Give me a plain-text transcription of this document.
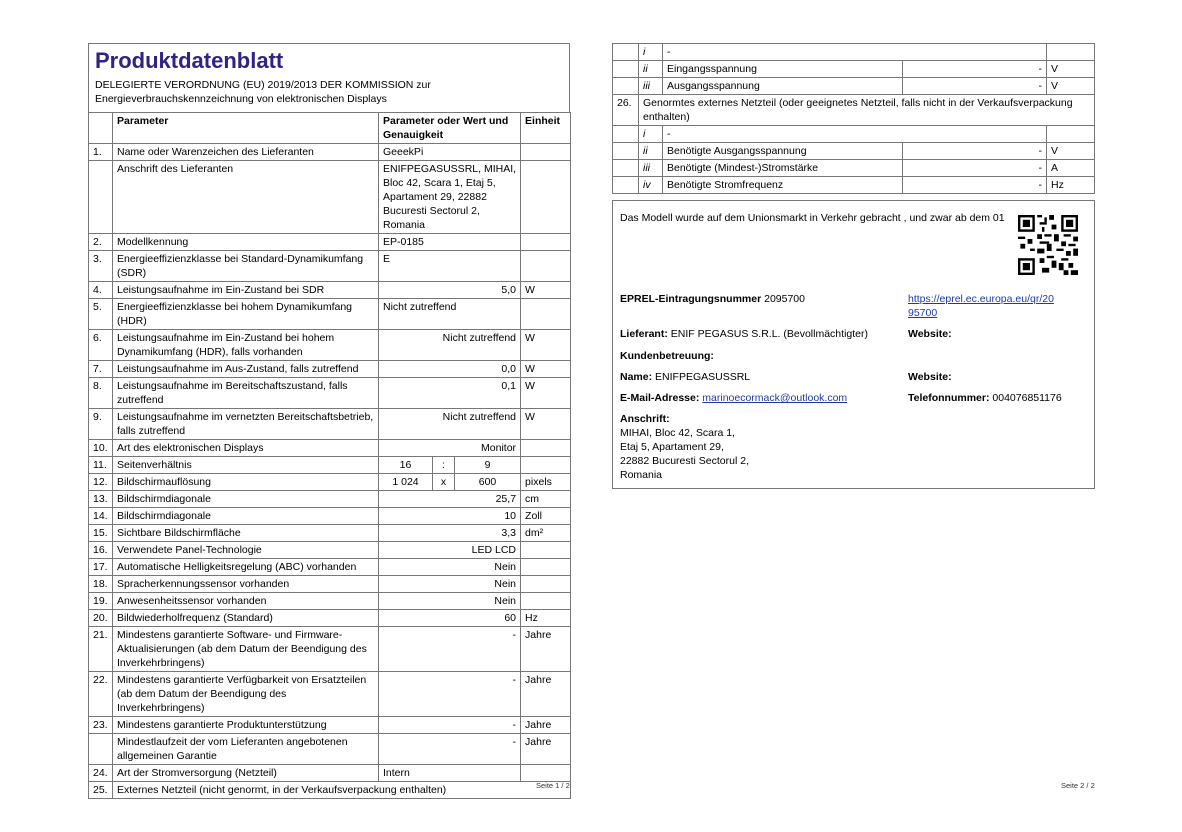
Produktdatenblatt
DELEGIERTE VERORDNUNG (EU) 2019/2013 DER KOMMISSION zur
Energieverbrauchskennzeichnung von elektronischen Displays
	Parameter	Parameter oder Wert und Genauigkeit			Einheit
1.	Name oder Warenzeichen des Lieferanten	GeeekPi			
	Anschrift des Lieferanten	ENIFPEGASUSSRL, MIHAI, Bloc 42, Scara 1, Etaj 5, Apartament 29, 22882 Bucuresti Sectorul 2, Romania			
2.	Modellkennung	EP-0185			
3.	Energieeffizienzklasse bei Standard-Dynamikumfang (SDR)	E			
4.	Leistungsaufnahme im Ein-Zustand bei SDR	5,0			W
5.	Energieeffizienzklasse bei hohem Dynamikumfang (HDR)	Nicht zutreffend			
6.	Leistungsaufnahme im Ein-Zustand bei hohem Dynamikumfang (HDR), falls vorhanden	Nicht zutreffend			W
7.	Leistungsaufnahme im Aus-Zustand, falls zutreffend	0,0			W
8.	Leistungsaufnahme im Bereitschaftszustand, falls zutreffend	0,1			W
9.	Leistungsaufnahme im vernetzten Bereitschaftsbetrieb, falls zutreffend	Nicht zutreffend			W
10.	Art des elektronischen Displays	Monitor			
11.	Seitenverhältnis	16	:	9	
12.	Bildschirmauflösung	1 024	x	600	pixels
13.	Bildschirmdiagonale	25,7			cm
14.	Bildschirmdiagonale	10			Zoll
15.	Sichtbare Bildschirmfläche	3,3			dm²
16.	Verwendete Panel-Technologie	LED LCD			
17.	Automatische Helligkeitsregelung (ABC) vorhanden	Nein			
18.	Spracherkennungssensor vorhanden	Nein			
19.	Anwesenheitssensor vorhanden	Nein			
20.	Bildwiederholfrequenz (Standard)	60			Hz
21.	Mindestens garantierte Software- und Firmware-Aktualisierungen (ab dem Datum der Beendigung des Inverkehrbringens)	-			Jahre
22.	Mindestens garantierte Verfügbarkeit von Ersatzteilen (ab dem Datum der Beendigung des Inverkehrbringens)	-			Jahre
23.	Mindestens garantierte Produktunterstützung	-			Jahre
	Mindestlaufzeit der vom Lieferanten angebotenen allgemeinen Garantie	-			Jahre
24.	Art der Stromversorgung (Netzteil)	Intern			
25.	Externes Netzteil (nicht genormt, in der Verkaufsverpackung enthalten)					Seite 1 / 2
	i	-		
	ii	Eingangsspannung	-	V
	iii	Ausgangsspannung	-	V
26.	Genormtes externes Netzteil (oder geeignetes Netzteil, falls nicht in der Verkaufsverpackung enthalten)			
	i	-		
	ii	Benötigte Ausgangsspannung	-	V
	iii	Benötigte (Mindest-)Stromstärke	-	A
	iv	Benötigte Stromfrequenz	-	Hz
Das Modell wurde auf dem Unionsmarkt in Verkehr gebracht , und zwar ab dem 01
EPREL-Eintragungsnummer 2095700	https://eprel.ec.europa.eu/qr/20
95700
Lieferant: ENIF PEGASUS S.R.L. (Bevollmächtigter)	Website:
Kundenbetreuung:
Name: ENIFPEGASUSSRL	Website:
E-Mail-Adresse: marinoecormack@outlook.com	Telefonnummer: 004076851176
Anschrift:
MIHAI, Bloc 42, Scara 1,
Etaj 5, Apartament 29,
22882 Bucuresti Sectorul 2,
Romania
Seite 2 / 2
